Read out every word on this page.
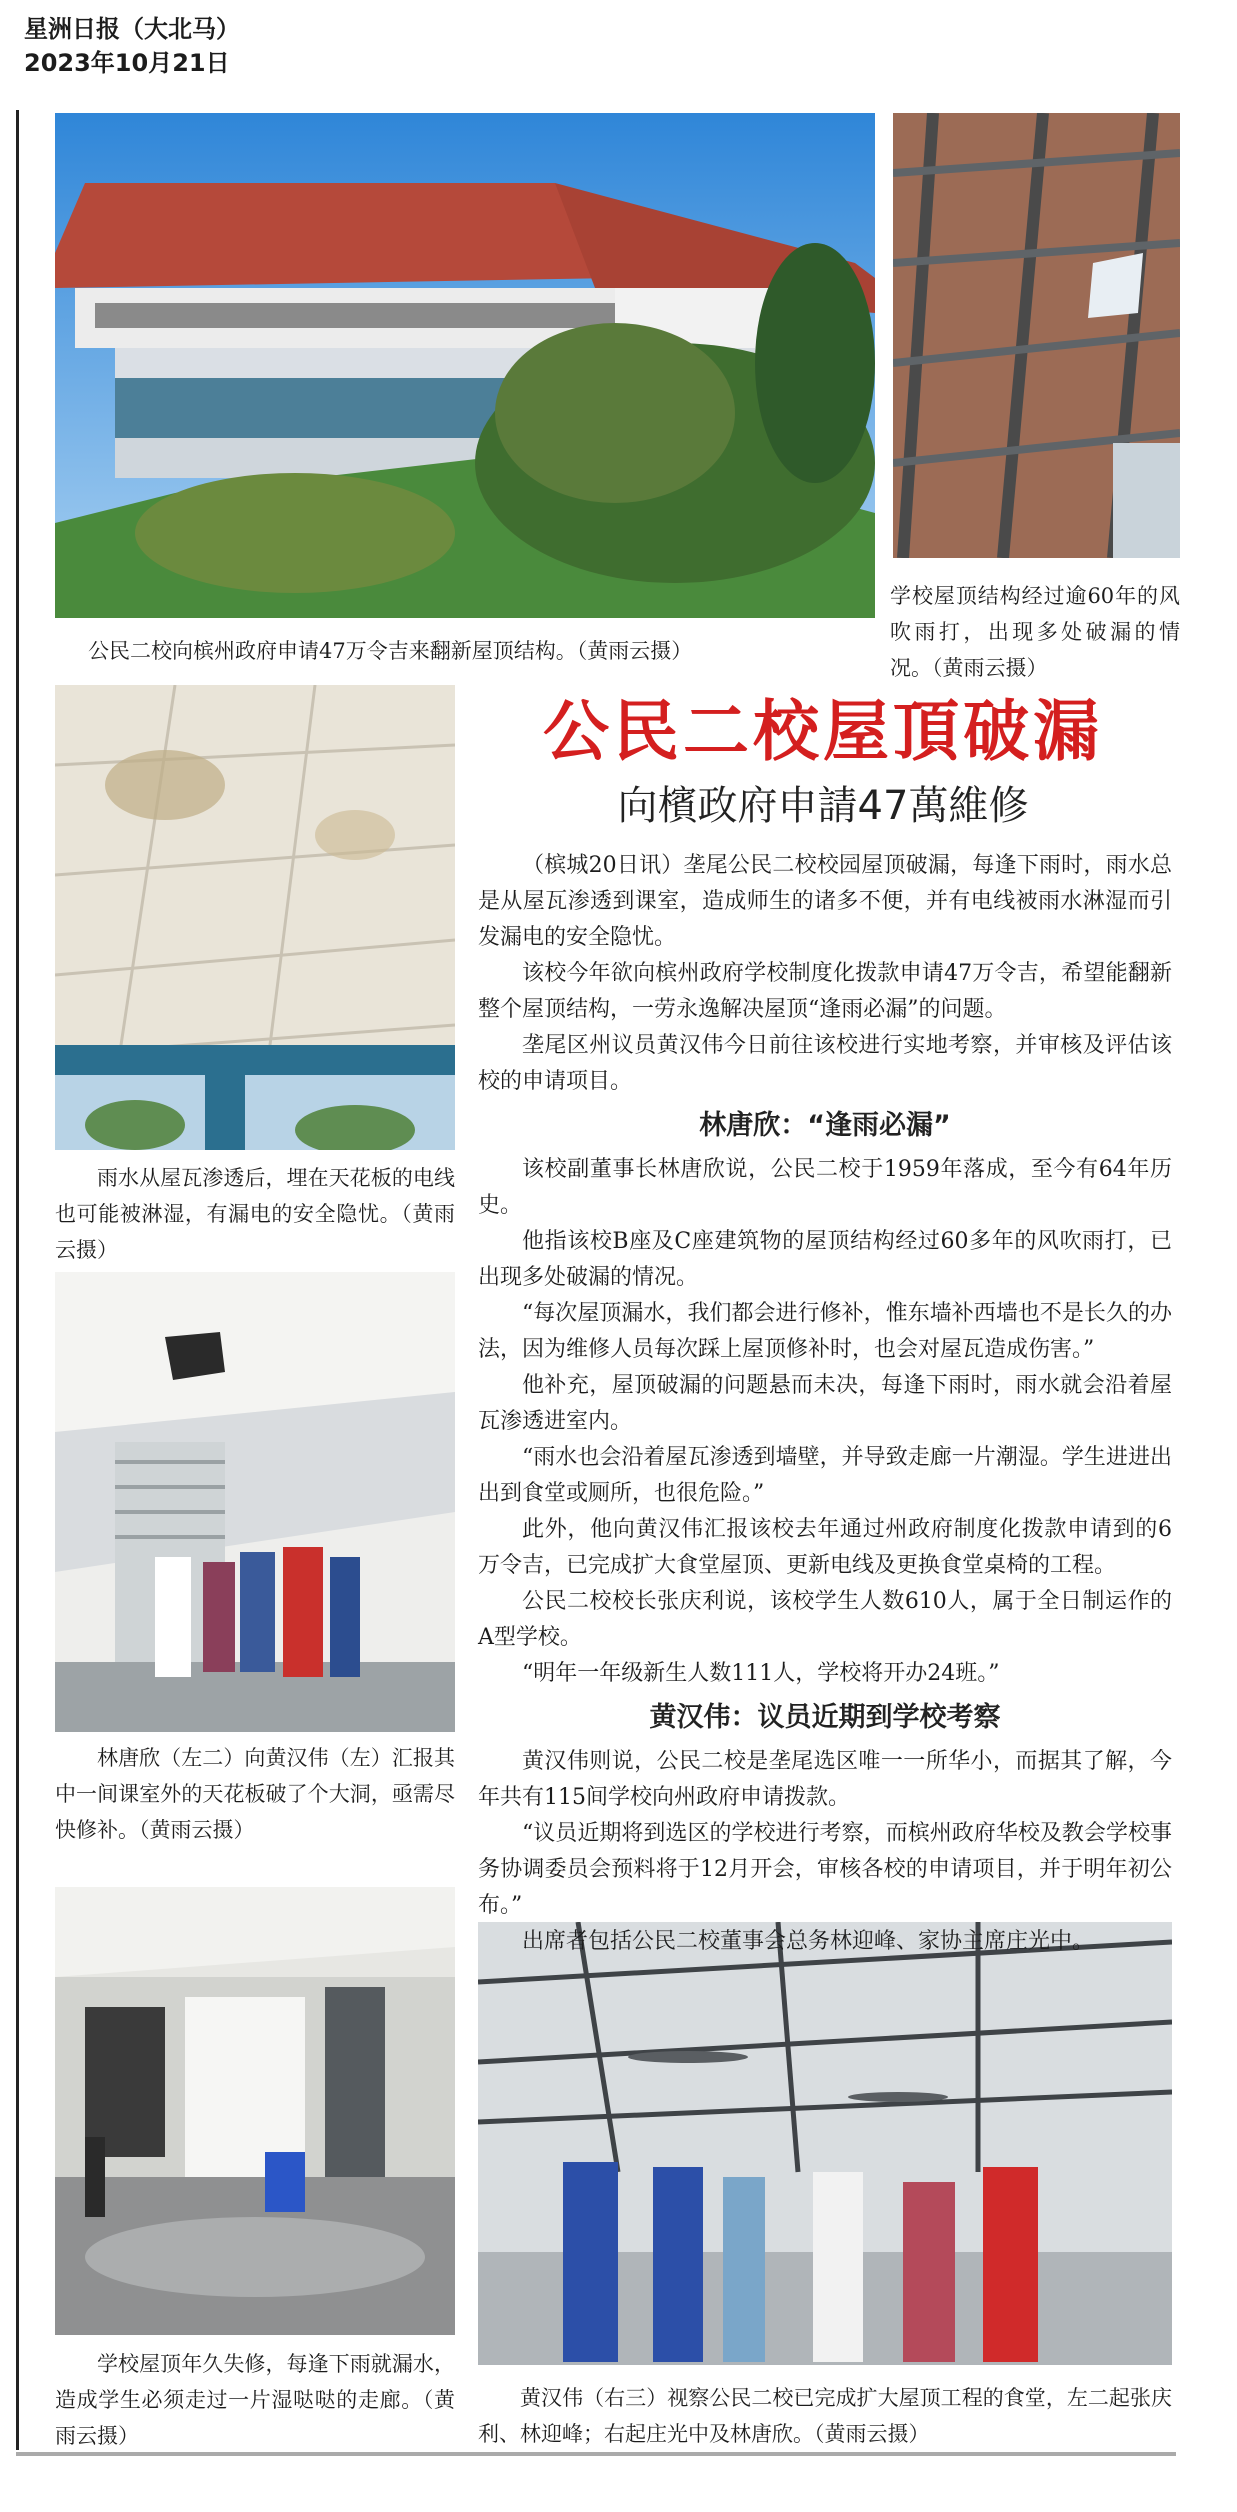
星洲日报（大北马）
2023年10月21日
公民二校向槟州政府申请47万令吉来翻新屋顶结构。（黄雨云摄）
学校屋顶结构经过逾60年的风吹雨打，出现多处破漏的情况。（黄雨云摄）
雨水从屋瓦渗透后，埋在天花板的电线也可能被淋湿，有漏电的安全隐忧。（黄雨云摄）
林唐欣（左二）向黄汉伟（左）汇报其中一间课室外的天花板破了个大洞，亟需尽快修补。（黄雨云摄）
学校屋顶年久失修，每逢下雨就漏水，造成学生必须走过一片湿哒哒的走廊。（黄雨云摄）
黄汉伟（右三）视察公民二校已完成扩大屋顶工程的食堂，左二起张庆利、林迎峰；右起庄光中及林唐欣。（黄雨云摄）
公民二校屋頂破漏
向檳政府申請47萬維修

（槟城20日讯）垄尾公民二校校园屋顶破漏，每逢下雨时，雨水总是从屋瓦渗透到课室，造成师生的诸多不便，并有电线被雨水淋湿而引发漏电的安全隐忧。

该校今年欲向槟州政府学校制度化拨款申请47万令吉，希望能翻新整个屋顶结构，一劳永逸解决屋顶“逢雨必漏”的问题。

垄尾区州议员黄汉伟今日前往该校进行实地考察，并审核及评估该校的申请项目。

林唐欣：“逢雨必漏”

该校副董事长林唐欣说，公民二校于1959年落成，至今有64年历史。

他指该校B座及C座建筑物的屋顶结构经过60多年的风吹雨打，已出现多处破漏的情况。

“每次屋顶漏水，我们都会进行修补，惟东墙补西墙也不是长久的办法，因为维修人员每次踩上屋顶修补时，也会对屋瓦造成伤害。”

他补充，屋顶破漏的问题悬而未决，每逢下雨时，雨水就会沿着屋瓦渗透进室内。

“雨水也会沿着屋瓦渗透到墙壁，并导致走廊一片潮湿。学生进进出出到食堂或厕所，也很危险。”

此外，他向黄汉伟汇报该校去年通过州政府制度化拨款申请到的6万令吉，已完成扩大食堂屋顶、更新电线及更换食堂桌椅的工程。

公民二校校长张庆利说，该校学生人数610人，属于全日制运作的A型学校。

“明年一年级新生人数111人，学校将开办24班。”

黄汉伟：议员近期到学校考察

黄汉伟则说，公民二校是垄尾选区唯一一所华小，而据其了解，今年共有115间学校向州政府申请拨款。

“议员近期将到选区的学校进行考察，而槟州政府华校及教会学校事务协调委员会预料将于12月开会，审核各校的申请项目，并于明年初公布。”

出席者包括公民二校董事会总务林迎峰、家协主席庄光中。
